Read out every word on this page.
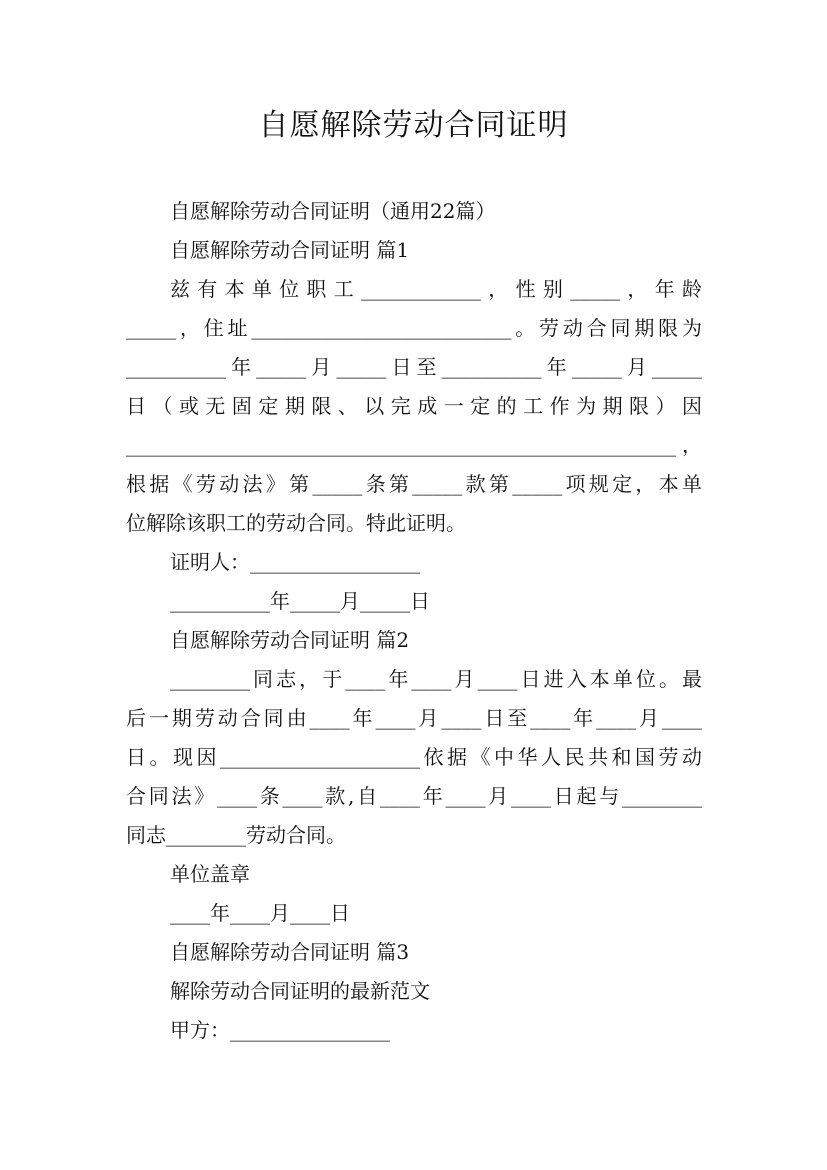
自愿解除劳动合同证明
自愿解除劳动合同证明（通用22篇）
自愿解除劳动合同证明 篇1
兹有本单位职工____________，性别_____，年龄
_____，住址__________________________。劳动合同期限为
__________年_____月_____日至__________年_____月_____
日（或无固定期限、以完成一定的工作为期限）因
_______________________________________________________，
根据《劳动法》第_____条第_____款第_____项规定，本单
位解除该职工的劳动合同。特此证明。
证明人：_________________
__________年_____月_____日
自愿解除劳动合同证明 篇2
________同志，于____年____月____日进入本单位。最
后一期劳动合同由____年____月____日至____年____月____
日。现因____________________依据《中华人民共和国劳动
合同法》____条____款,自____年____月____日起与________
同志________劳动合同。
单位盖章
____年____月____日
自愿解除劳动合同证明 篇3
解除劳动合同证明的最新范文
甲方：________________
